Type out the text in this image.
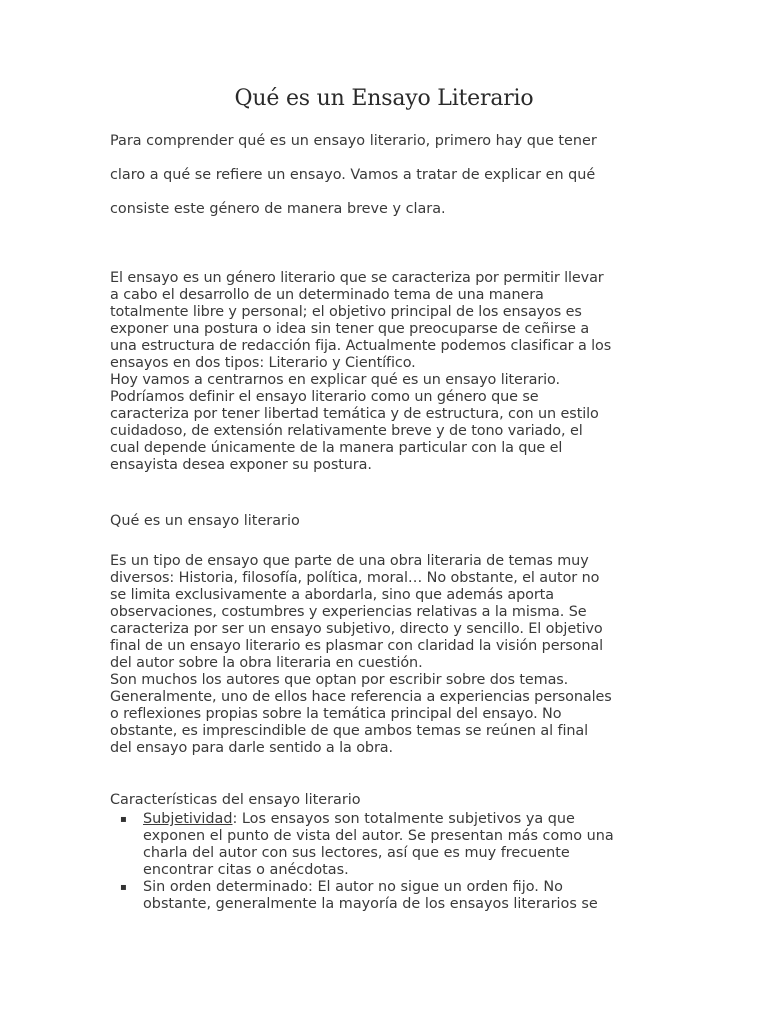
Qué es un Ensayo Literario

Para comprender qué es un ensayo literario, primero hay que tener

claro a qué se refiere un ensayo. Vamos a tratar de explicar en qué

consiste este género de manera breve y clara.

El ensayo es un género literario que se caracteriza por permitir llevar
a cabo el desarrollo de un determinado tema de una manera
totalmente libre y personal; el objetivo principal de los ensayos es
exponer una postura o idea sin tener que preocuparse de ceñirse a
una estructura de redacción fija. Actualmente podemos clasificar a los
ensayos en dos tipos: Literario y Científico.
Hoy vamos a centrarnos en explicar qué es un ensayo literario.
Podríamos definir el ensayo literario como un género que se
caracteriza por tener libertad temática y de estructura, con un estilo
cuidadoso, de extensión relativamente breve y de tono variado, el
cual depende únicamente de la manera particular con la que el
ensayista desea exponer su postura.

Qué es un ensayo literario

Es un tipo de ensayo que parte de una obra literaria de temas muy
diversos: Historia, filosofía, política, moral… No obstante, el autor no
se limita exclusivamente a abordarla, sino que además aporta
observaciones, costumbres y experiencias relativas a la misma. Se
caracteriza por ser un ensayo subjetivo, directo y sencillo. El objetivo
final de un ensayo literario es plasmar con claridad la visión personal
del autor sobre la obra literaria en cuestión.
Son muchos los autores que optan por escribir sobre dos temas.
Generalmente, uno de ellos hace referencia a experiencias personales
o reflexiones propias sobre la temática principal del ensayo. No
obstante, es imprescindible de que ambos temas se reúnen al final
del ensayo para darle sentido a la obra.

Características del ensayo literario

▪ Subjetividad: Los ensayos son totalmente subjetivos ya que
exponen el punto de vista del autor. Se presentan más como una
charla del autor con sus lectores, así que es muy frecuente
encontrar citas o anécdotas.
▪ Sin orden determinado: El autor no sigue un orden fijo. No
obstante, generalmente la mayoría de los ensayos literarios se
